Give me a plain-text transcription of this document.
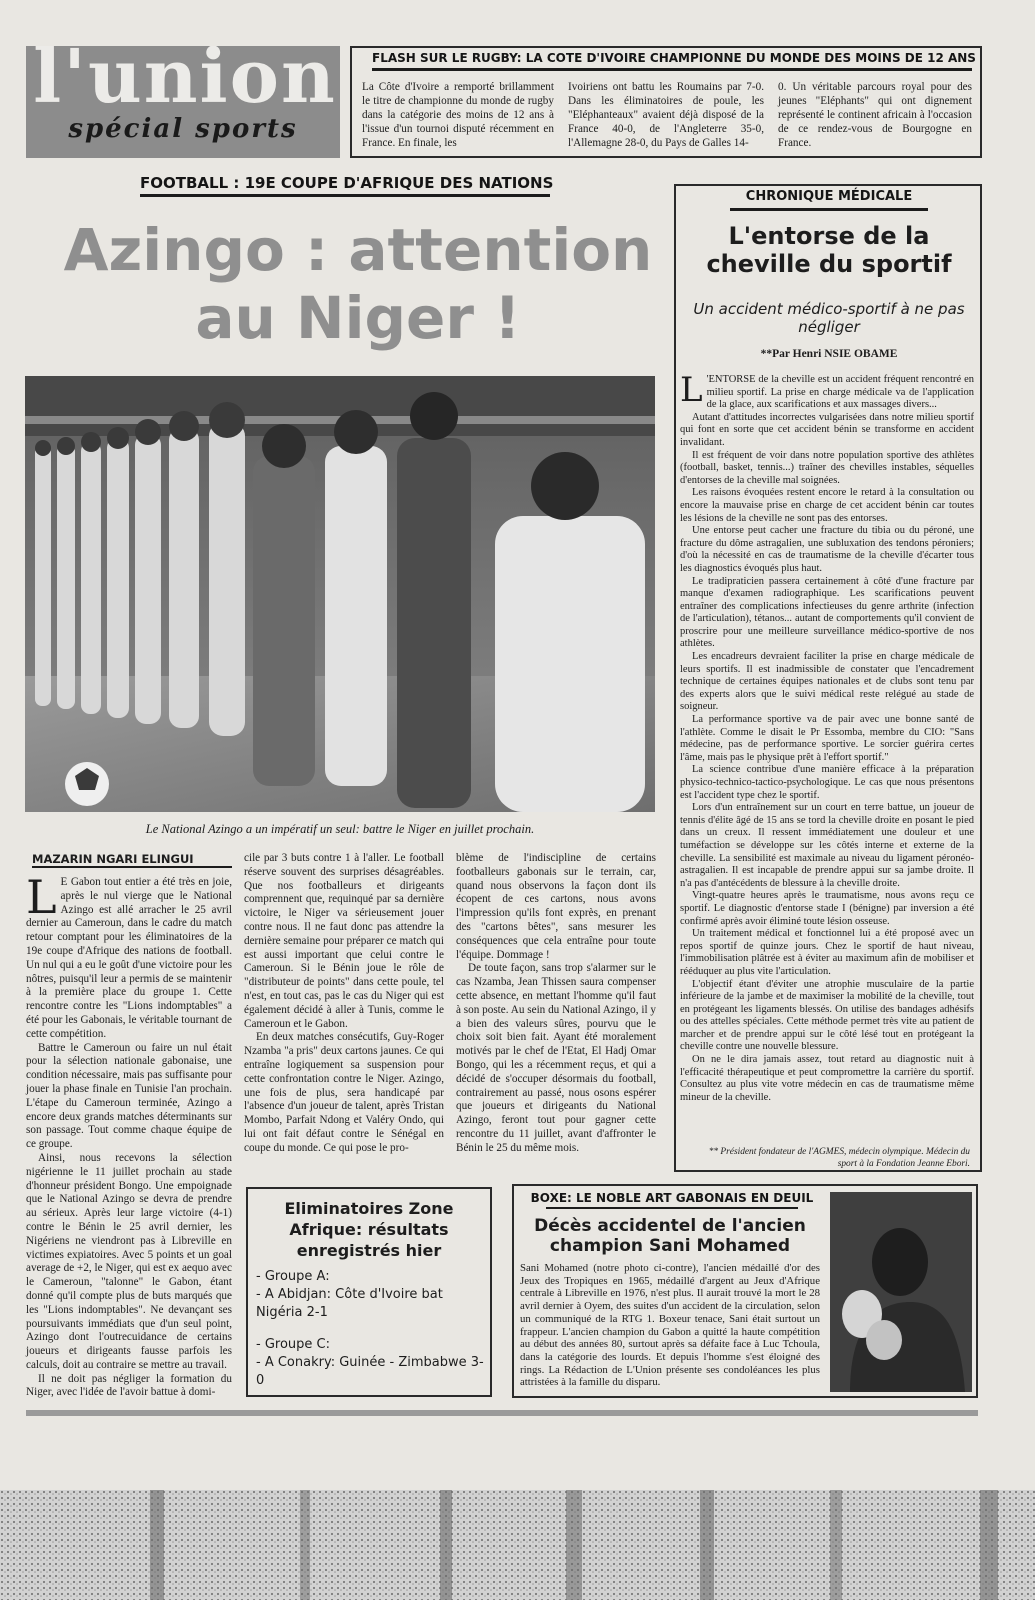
l'union
spécial sports
FLASH SUR LE RUGBY: LA COTE D'IVOIRE CHAMPIONNE DU MONDE DES MOINS DE 12 ANS
La Côte d'Ivoire a remporté brillamment le titre de championne du monde de rugby dans la catégorie des moins de 12 ans à l'issue d'un tournoi disputé récemment en France. En finale, les
Ivoiriens ont battu les Roumains par 7-0. Dans les éliminatoires de poule, les "Eléphanteaux" avaient déjà disposé de la France 40-0, de l'Angleterre 35-0, l'Allemagne 28-0, du Pays de Galles 14-
0. Un véritable parcours royal pour des jeunes "Eléphants" qui ont dignement représenté le continent africain à l'occasion de ce rendez-vous de Bourgogne en France.
FOOTBALL : 19E COUPE D'AFRIQUE DES NATIONS
Azingo : attention
au Niger !
Le National Azingo a un impératif un seul: battre le Niger en juillet prochain.
MAZARIN NGARI ELINGUI
L E Gabon tout entier a été très en joie, après le nul vierge que le National Azingo est allé arracher le 25 avril dernier au Cameroun, dans le cadre du match retour comptant pour les éliminatoires de la 19e coupe d'Afrique des nations de football. Un nul qui a eu le goût d'une victoire pour les nôtres, puisqu'il leur a permis de se maintenir à la première place du groupe 1. Cette rencontre contre les "Lions indomptables" a été pour les Gabonais, le véritable tournant de cette compétition.

Battre le Cameroun ou faire un nul était pour la sélection nationale gabonaise, une condition nécessaire, mais pas suffisante pour jouer la phase finale en Tunisie l'an prochain. L'étape du Cameroun terminée, Azingo a encore deux grands matches déterminants sur son passage. Tout comme chaque équipe de ce groupe.

Ainsi, nous recevons la sélection nigérienne le 11 juillet prochain au stade d'honneur président Bongo. Une empoignade que le National Azingo se devra de prendre au sérieux. Après leur large victoire (4-1) contre le Bénin le 25 avril dernier, les Nigériens ne viendront pas à Libreville en victimes expiatoires. Avec 5 points et un goal average de +2, le Niger, qui est ex aequo avec le Cameroun, "talonne" le Gabon, étant donné qu'il compte plus de buts marqués que les "Lions indomptables". Ne devançant ses poursuivants immédiats que d'un seul point, Azingo dont l'outrecuidance de certains joueurs et dirigeants fausse parfois les calculs, doit au contraire se mettre au travail.

Il ne doit pas négliger la formation du Niger, avec l'idée de l'avoir battue à domi-

cile par 3 buts contre 1 à l'aller. Le football réserve souvent des surprises désagréables. Que nos footballeurs et dirigeants comprennent que, requinqué par sa dernière victoire, le Niger va sérieusement jouer contre nous. Il ne faut donc pas attendre la dernière semaine pour préparer ce match qui est aussi important que celui contre le Cameroun. Si le Bénin joue le rôle de "distributeur de points" dans cette poule, tel n'est, en tout cas, pas le cas du Niger qui est également décidé à aller à Tunis, comme le Cameroun et le Gabon.

En deux matches consécutifs, Guy-Roger Nzamba "a pris" deux cartons jaunes. Ce qui entraîne logiquement sa suspension pour cette confrontation contre le Niger. Azingo, une fois de plus, sera handicapé par l'absence d'un joueur de talent, après Tristan Mombo, Parfait Ndong et Valéry Ondo, qui lui ont fait défaut contre le Sénégal en coupe du monde. Ce qui pose le pro-

blème de l'indiscipline de certains footballeurs gabonais sur le terrain, car, quand nous observons la façon dont ils écopent de ces cartons, nous avons l'impression qu'ils font exprès, en prenant des "cartons bêtes", sans mesurer les conséquences que cela entraîne pour toute l'équipe. Dommage !

De toute façon, sans trop s'alarmer sur le cas Nzamba, Jean Thissen saura compenser cette absence, en mettant l'homme qu'il faut à son poste. Au sein du National Azingo, il y a bien des valeurs sûres, pourvu que le choix soit bien fait. Ayant été moralement motivés par le chef de l'Etat, El Hadj Omar Bongo, qui les a récemment reçus, et qui a décidé de s'occuper désormais du football, contrairement au passé, nous osons espérer que joueurs et dirigeants du National Azingo, feront tout pour gagner cette rencontre du 11 juillet, avant d'affronter le Bénin le 25 du même mois.

CHRONIQUE MÉDICALE
L'entorse de la cheville du sportif
Un accident médico-sportif à ne pas négliger
**Par Henri NSIE OBAME
L 'ENTORSE de la cheville est un accident fréquent rencontré en milieu sportif. La prise en charge médicale va de l'application de la glace, aux scarifications et aux massages divers...

Autant d'attitudes incorrectes vulgarisées dans notre milieu sportif qui font en sorte que cet accident bénin se transforme en accident invalidant.

Il est fréquent de voir dans notre population sportive des athlètes (football, basket, tennis...) traîner des chevilles instables, séquelles d'entorses de la cheville mal soignées.

Les raisons évoquées restent encore le retard à la consultation ou encore la mauvaise prise en charge de cet accident bénin car toutes les lésions de la cheville ne sont pas des entorses.

Une entorse peut cacher une fracture du tibia ou du péroné, une fracture du dôme astragalien, une subluxation des tendons péroniers; d'où la nécessité en cas de traumatisme de la cheville d'écarter tous les diagnostics évoqués plus haut.

Le tradipraticien passera certainement à côté d'une fracture par manque d'examen radiographique. Les scarifications peuvent entraîner des complications infectieuses du genre arthrite (infection de l'articulation), tétanos... autant de comportements qu'il convient de proscrire pour une meilleure surveillance médico-sportive de nos athlètes.

Les encadreurs devraient faciliter la prise en charge médicale de leurs sportifs. Il est inadmissible de constater que l'encadrement technique de certaines équipes nationales et de clubs sont tenu par des experts alors que le suivi médical reste relégué au stade de soigneur.

La performance sportive va de pair avec une bonne santé de l'athlète. Comme le disait le Pr Essomba, membre du CIO: "Sans médecine, pas de performance sportive. Le sorcier guérira certes l'âme, mais pas le physique prêt à l'effort sportif."

La science contribue d'une manière efficace à la préparation physico-technico-tactico-psychologique. Le cas que nous présentons est l'accident type chez le sportif.

Lors d'un entraînement sur un court en terre battue, un joueur de tennis d'élite âgé de 15 ans se tord la cheville droite en posant le pied dans un creux. Il ressent immédiatement une douleur et une tuméfaction se développe sur les côtés interne et externe de la cheville. La sensibilité est maximale au niveau du ligament péronéo-astragalien. Il est incapable de prendre appui sur sa jambe droite. Il n'a pas d'antécédents de blessure à la cheville droite.

Vingt-quatre heures après le traumatisme, nous avons reçu ce sportif. Le diagnostic d'entorse stade I (bénigne) par inversion a été confirmé après avoir éliminé toute lésion osseuse.

Un traitement médical et fonctionnel lui a été proposé avec un repos sportif de quinze jours. Chez le sportif de haut niveau, l'immobilisation plâtrée est à éviter au maximum afin de mobiliser et rééduquer au plus vite l'articulation.

L'objectif étant d'éviter une atrophie musculaire de la partie inférieure de la jambe et de maximiser la mobilité de la cheville, tout en protégeant les ligaments blessés. On utilise des bandages adhésifs ou des attelles spéciales. Cette méthode permet très vite au patient de marcher et de prendre appui sur le côté lésé tout en protégeant la cheville contre une nouvelle blessure.

On ne le dira jamais assez, tout retard au diagnostic nuit à l'efficacité thérapeutique et peut compromettre la carrière du sportif. Consultez au plus vite votre médecin en cas de traumatisme même mineur de la cheville.

** Président fondateur de l'AGMES, médecin olympique. Médecin du sport à la Fondation Jeanne Ebori.
Eliminatoires Zone Afrique: résultats enregistrés hier
- Groupe A:
- A Abidjan: Côte d'Ivoire bat Nigéria 2-1
- Groupe C:
- A Conakry: Guinée - Zimbabwe 3-0
BOXE: LE NOBLE ART GABONAIS EN DEUIL
Décès accidentel de l'ancien champion Sani Mohamed
Sani Mohamed (notre photo ci-contre), l'ancien médaillé d'or des Jeux des Tropiques en 1965, médaillé d'argent au Jeux d'Afrique centrale à Libreville en 1976, n'est plus. Il aurait trouvé la mort le 28 avril dernier à Oyem, des suites d'un accident de la circulation, selon un communiqué de la RTG 1. Boxeur tenace, Sani était surtout un frappeur. L'ancien champion du Gabon a quitté la haute compétition au début des années 80, surtout après sa défaite face à Luc Tchoula, dans la catégorie des lourds. Et depuis l'homme s'est éloigné des rings. La Rédaction de L'Union présente ses condoléances les plus attristées à la famille du disparu.
